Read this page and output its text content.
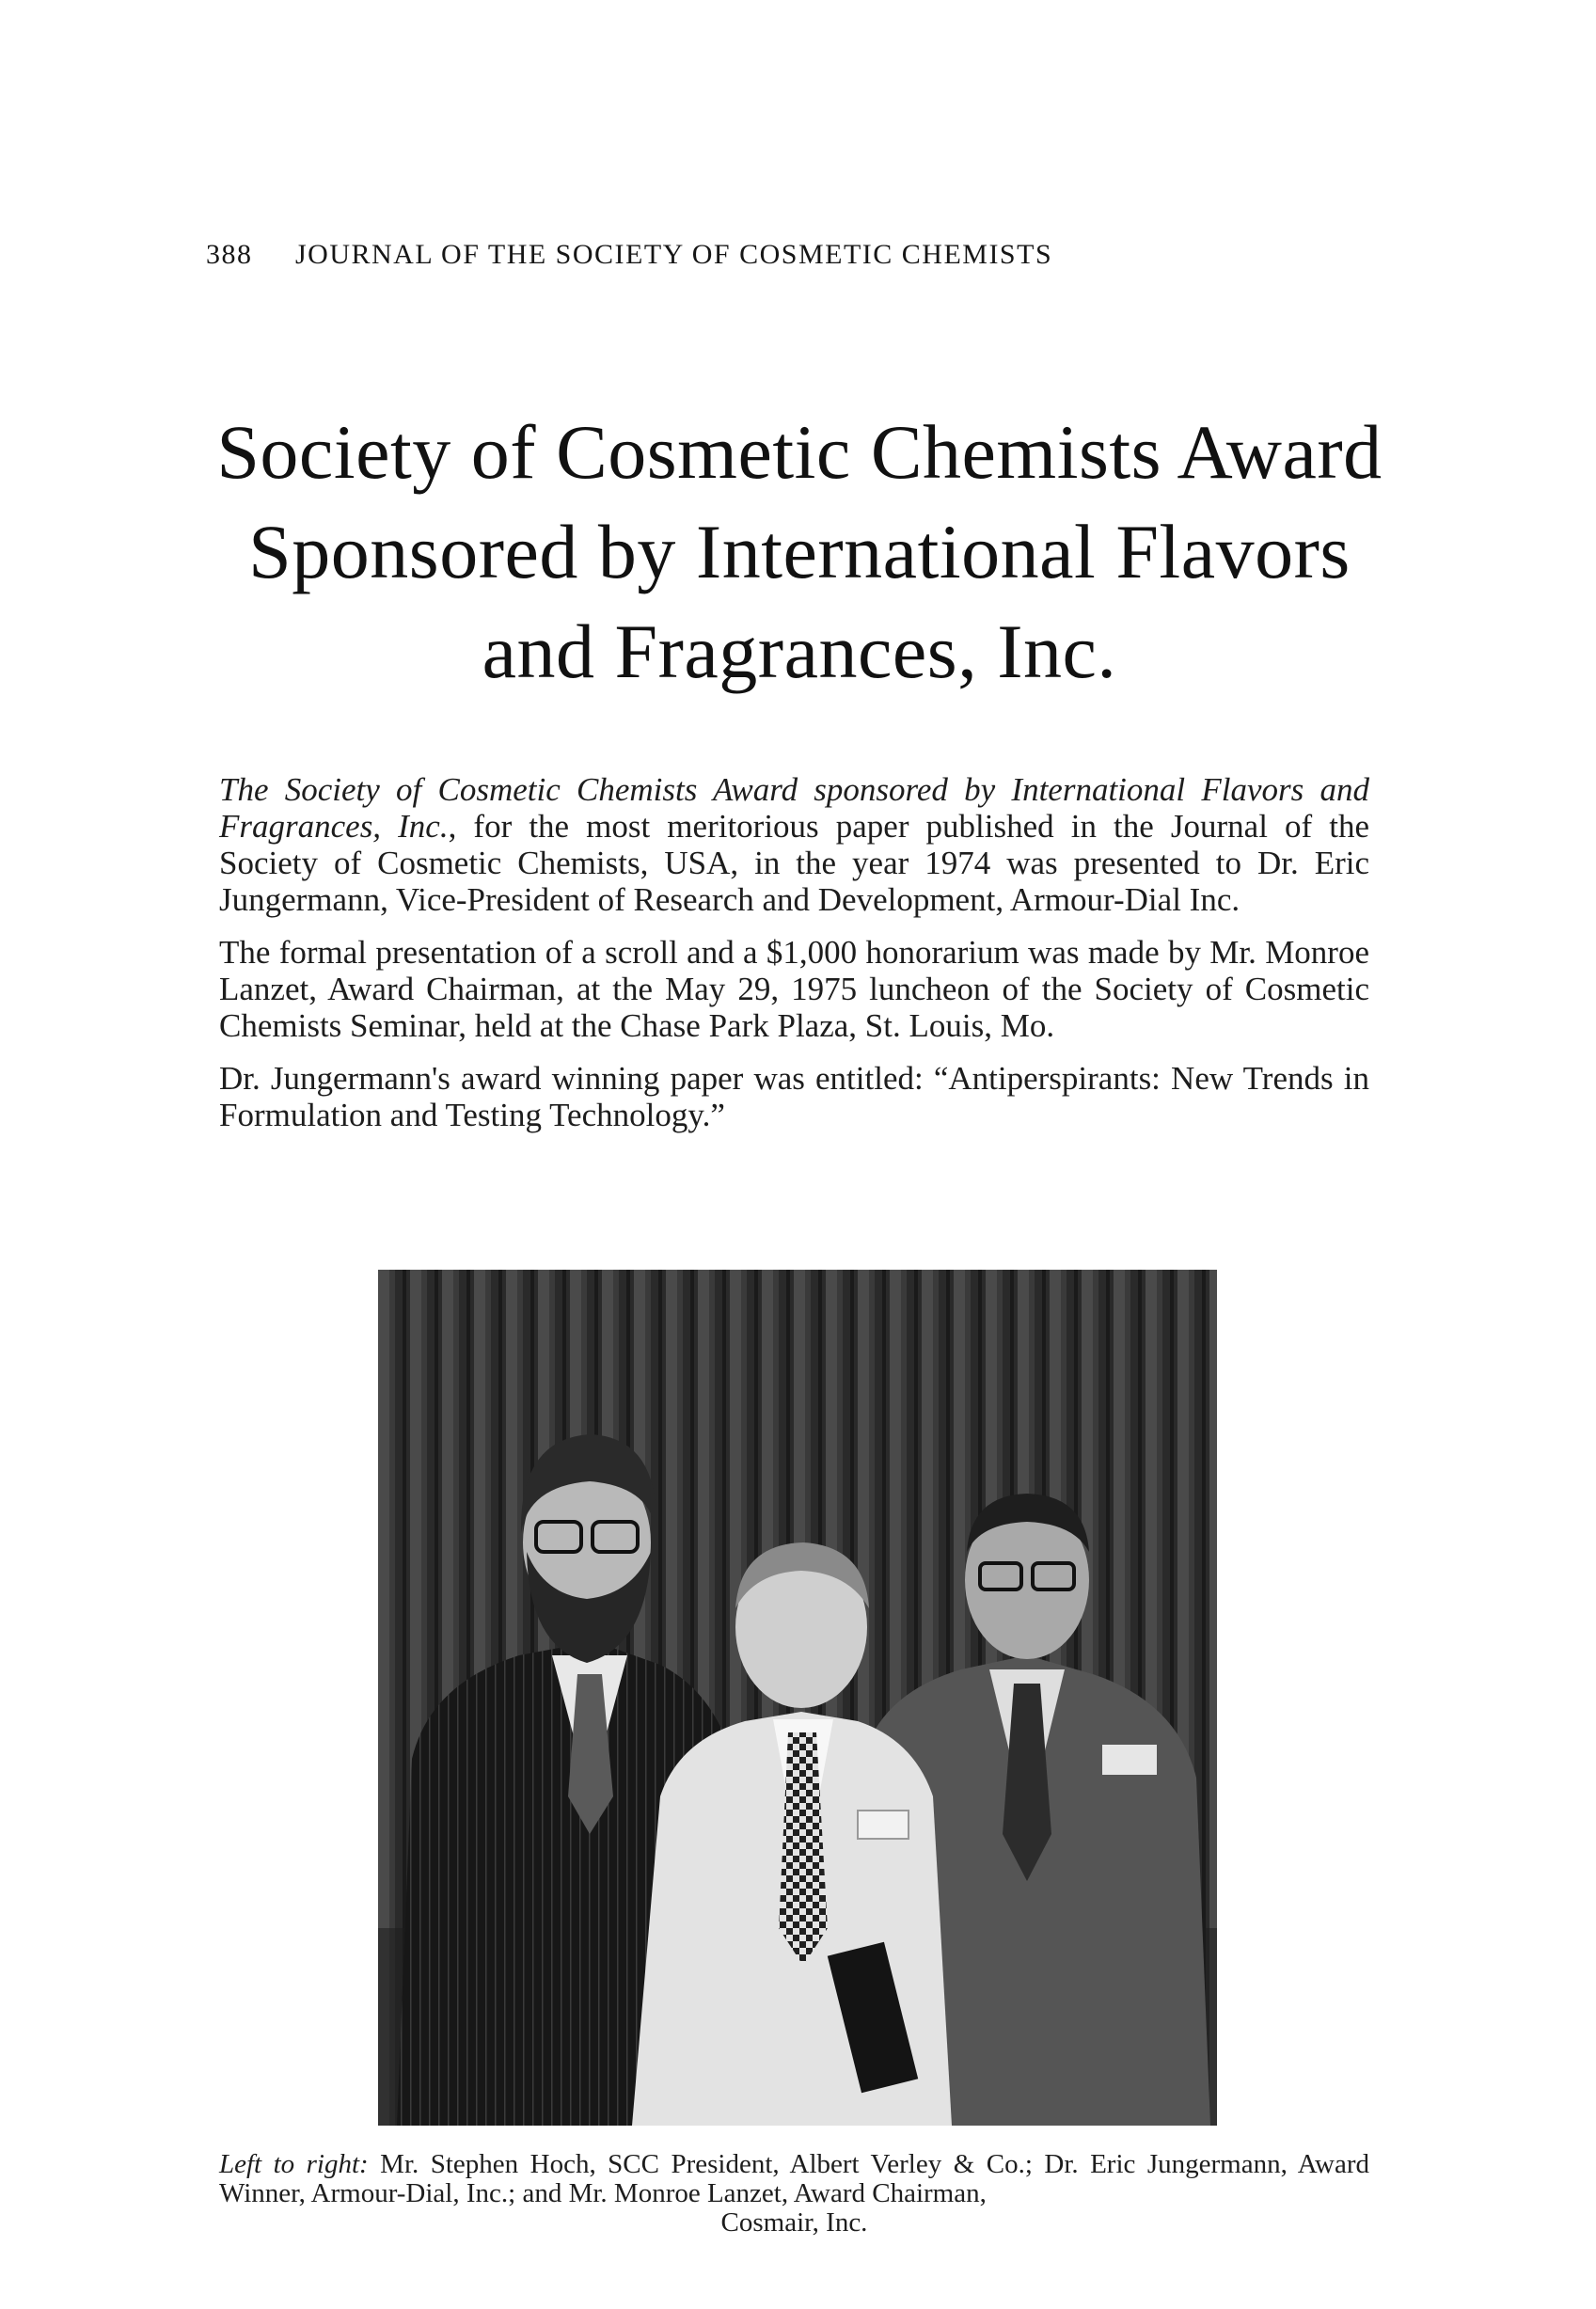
388 JOURNAL OF THE SOCIETY OF COSMETIC CHEMISTS
Society of Cosmetic Chemists Award
Sponsored by International Flavors
and Fragrances, Inc.

The Society of Cosmetic Chemists Award sponsored by International Flavors and Fragrances, Inc., for the most meritorious paper published in the Journal of the Society of Cosmetic Chemists, USA, in the year 1974 was presented to Dr. Eric Jungermann, Vice-President of Research and Development, Armour-Dial Inc.

The formal presentation of a scroll and a $1,000 honorarium was made by Mr. Monroe Lanzet, Award Chairman, at the May 29, 1975 luncheon of the Society of Cosmetic Chemists Seminar, held at the Chase Park Plaza, St. Louis, Mo.

Dr. Jungermann's award winning paper was entitled: “Antiperspirants: New Trends in Formulation and Testing Technology.”

Left to right: Mr. Stephen Hoch, SCC President, Albert Verley & Co.; Dr. Eric Jungermann, Award Winner, Armour-Dial, Inc.; and Mr. Monroe Lanzet, Award Chairman,
Cosmair, Inc.
